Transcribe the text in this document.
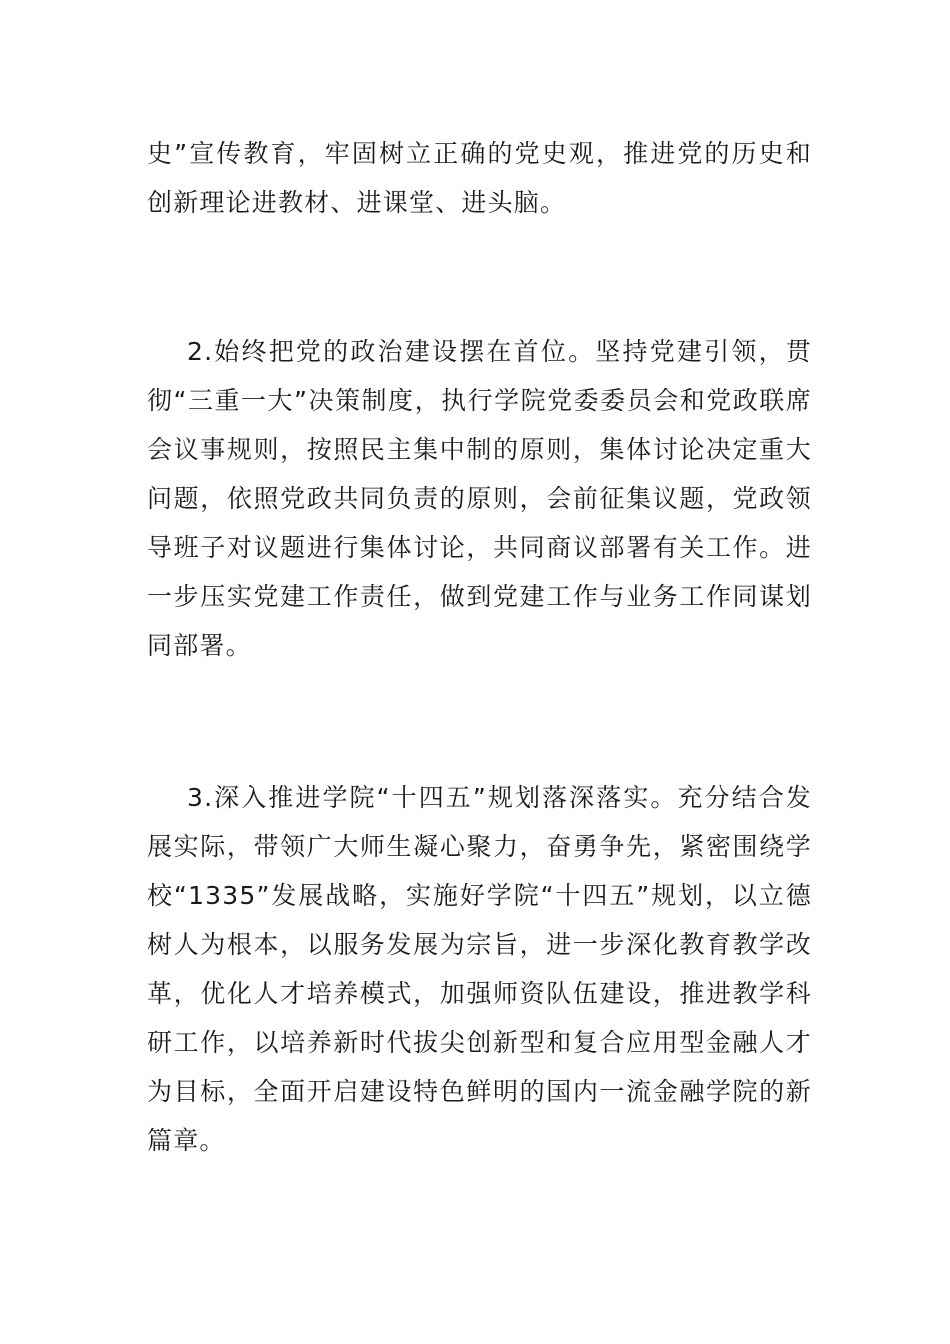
史”宣传教育，牢固树立正确的党史观，推进党的历史和创新理论进教材、进课堂、进头脑。

2.始终把党的政治建设摆在首位。坚持党建引领，贯彻“三重一大”决策制度，执行学院党委委员会和党政联席会议事规则，按照民主集中制的原则，集体讨论决定重大问题，依照党政共同负责的原则，会前征集议题，党政领导班子对议题进行集体讨论，共同商议部署有关工作。进一步压实党建工作责任，做到党建工作与业务工作同谋划同部署。

3.深入推进学院“十四五”规划落深落实。充分结合发展实际，带领广大师生凝心聚力，奋勇争先，紧密围绕学校“1335”发展战略，实施好学院“十四五”规划，以立德树人为根本，以服务发展为宗旨，进一步深化教育教学改革，优化人才培养模式，加强师资队伍建设，推进教学科研工作，以培养新时代拔尖创新型和复合应用型金融人才为目标，全面开启建设特色鲜明的国内一流金融学院的新篇章。
